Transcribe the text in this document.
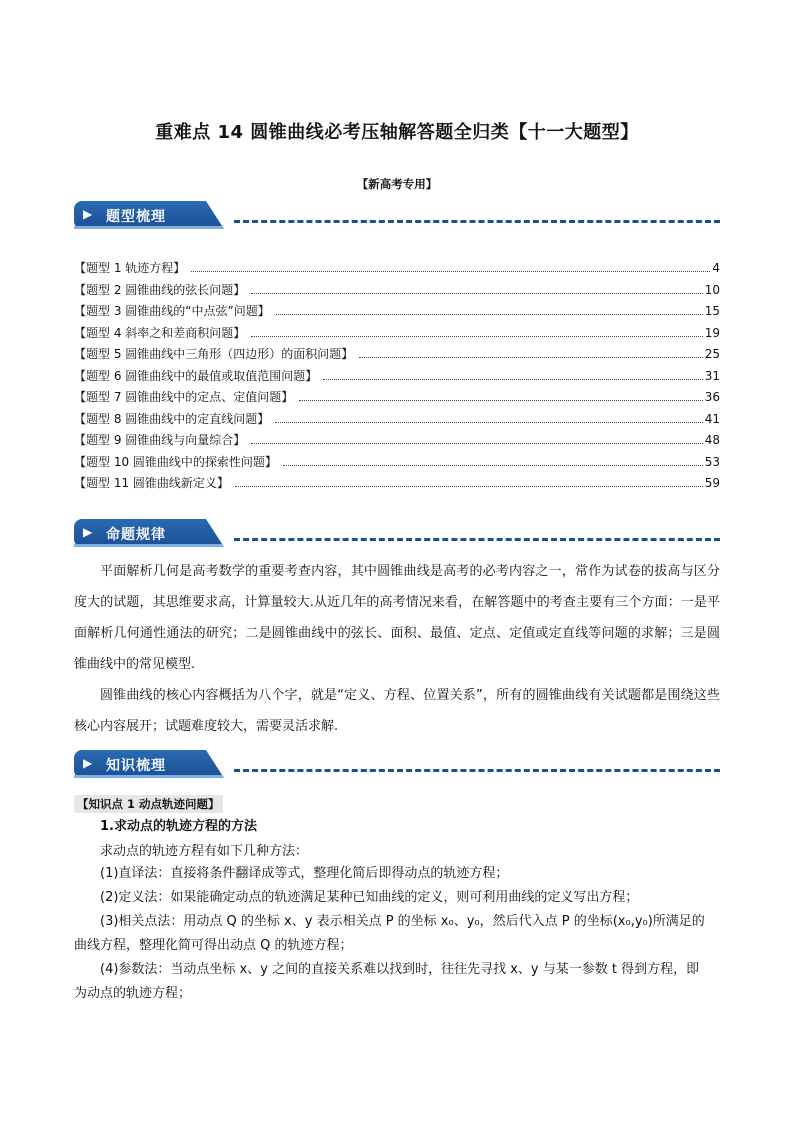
重难点 14 圆锥曲线必考压轴解答题全归类【十一大题型】
【新高考专用】
▶ 题型梳理
【题型 1 轨迹方程】	4
【题型 2 圆锥曲线的弦长问题】	10
【题型 3 圆锥曲线的“中点弦”问题】	15
【题型 4 斜率之和差商积问题】	19
【题型 5 圆锥曲线中三角形（四边形）的面积问题】	25
【题型 6 圆锥曲线中的最值或取值范围问题】	31
【题型 7 圆锥曲线中的定点、定值问题】	36
【题型 8 圆锥曲线中的定直线问题】	41
【题型 9 圆锥曲线与向量综合】	48
【题型 10 圆锥曲线中的探索性问题】	53
【题型 11 圆锥曲线新定义】	59
▶ 命题规律
平面解析几何是高考数学的重要考查内容，其中圆锥曲线是高考的必考内容之一，常作为试卷的拔高与区分度大的试题，其思维要求高，计算量较大.从近几年的高考情况来看，在解答题中的考查主要有三个方面：一是平面解析几何通性通法的研究；二是圆锥曲线中的弦长、面积、最值、定点、定值或定直线等问题的求解；三是圆锥曲线中的常见模型.
圆锥曲线的核心内容概括为八个字，就是“定义、方程、位置关系”，所有的圆锥曲线有关试题都是围绕这些核心内容展开；试题难度较大，需要灵活求解.
▶ 知识梳理
【知识点 1 动点轨迹问题】
1.求动点的轨迹方程的方法
求动点的轨迹方程有如下几种方法：
(1)直译法：直接将条件翻译成等式，整理化简后即得动点的轨迹方程；
(2)定义法：如果能确定动点的轨迹满足某种已知曲线的定义，则可利用曲线的定义写出方程；
(3)相关点法：用动点 Q 的坐标 x、y 表示相关点 P 的坐标 x₀、y₀，然后代入点 P 的坐标(x₀,y₀)所满足的
曲线方程，整理化简可得出动点 Q 的轨迹方程；
(4)参数法：当动点坐标 x、y 之间的直接关系难以找到时，往往先寻找 x、y 与某一参数 t 得到方程，即
为动点的轨迹方程；
